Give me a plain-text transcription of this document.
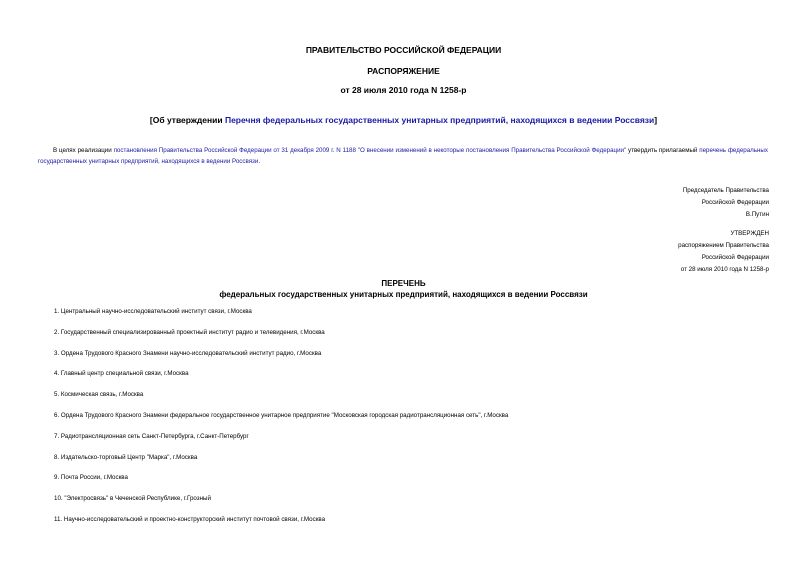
ПРАВИТЕЛЬСТВО РОССИЙСКОЙ ФЕДЕРАЦИИ
РАСПОРЯЖЕНИЕ
от 28 июля 2010 года N 1258-р
[Об утверждении Перечня федеральных государственных унитарных предприятий, находящихся в ведении Россвязи]
В целях реализации постановления Правительства Российской Федерации от 31 декабря 2009 г. N 1188 "О внесении изменений в некоторые постановления Правительства Российской Федерации" утвердить прилагаемый перечень федеральных государственных унитарных предприятий, находящихся в ведении Россвязи.
Председатель Правительства
Российской Федерации
В.Путин
УТВЕРЖДЕН
распоряжением Правительства
Российской Федерации
от 28 июля 2010 года N 1258-р
ПЕРЕЧЕНЬ
федеральных государственных унитарных предприятий, находящихся в ведении Россвязи
1. Центральный научно-исследовательский институт связи, г.Москва
2. Государственный специализированный проектный институт радио и телевидения, г.Москва
3. Ордена Трудового Красного Знамени научно-исследовательский институт радио, г.Москва
4. Главный центр специальной связи, г.Москва
5. Космическая связь, г.Москва
6. Ордена Трудового Красного Знамени федеральное государственное унитарное предприятие "Московская городская радиотрансляционная сеть", г.Москва
7. Радиотрансляционная сеть Санкт-Петербурга, г.Санкт-Петербург
8. Издательско-торговый Центр "Марка", г.Москва
9. Почта России, г.Москва
10. "Электросвязь" в Чеченской Республике, г.Грозный
11. Научно-исследовательский и проектно-конструкторский институт почтовой связи, г.Москва
